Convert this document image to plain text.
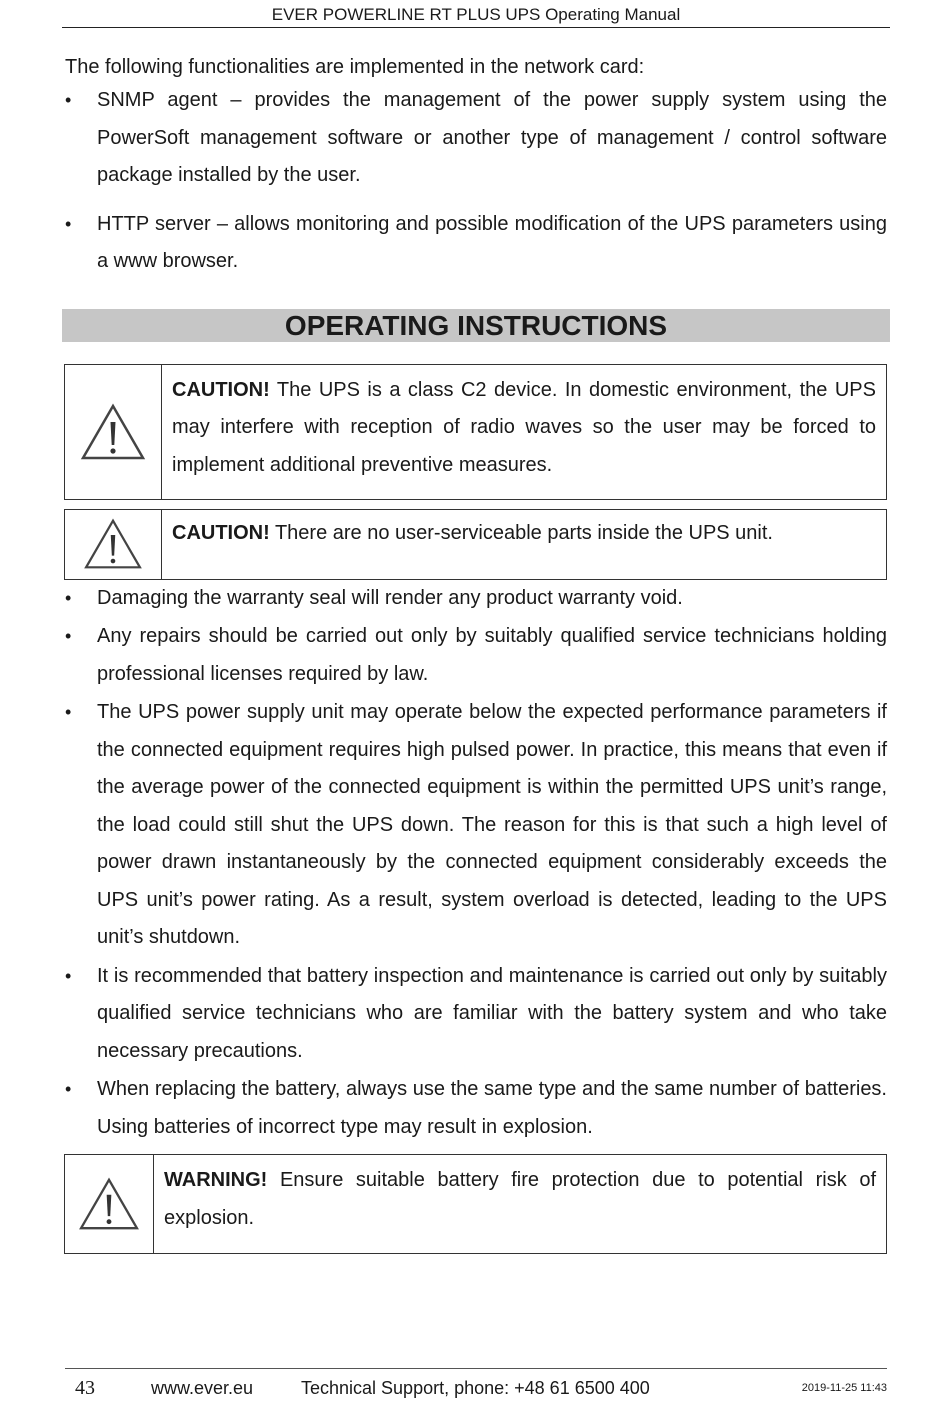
EVER POWERLINE RT PLUS UPS Operating Manual

The following functionalities are implemented in the network card:

• SNMP agent – provides the management of the power supply system using the PowerSoft management software or another type of management / control software package installed by the user.
• HTTP server – allows monitoring and possible modification of the UPS parameters using a www browser.
OPERATING INSTRUCTIONS
CAUTION! The UPS is a class C2 device. In domestic environment, the UPS may interfere with reception of radio waves so the user may be forced to implement additional preventive measures.
CAUTION! There are no user-serviceable parts inside the UPS unit.
• Damaging the warranty seal will render any product warranty void.
• Any repairs should be carried out only by suitably qualified service technicians holding professional licenses required by law.
• The UPS power supply unit may operate below the expected performance parameters if the connected equipment requires high pulsed power. In practice, this means that even if the average power of the connected equipment is within the permitted UPS unit’s range, the load could still shut the UPS down. The reason for this is that such a high level of power drawn instantaneously by the connected equipment considerably exceeds the UPS unit’s power rating. As a result, system overload is detected, leading to the UPS unit’s shutdown.
• It is recommended that battery inspection and maintenance is carried out only by suitably qualified service technicians who are familiar with the battery system and who take necessary precautions.
• When replacing the battery, always use the same type and the same number of batteries. Using batteries of incorrect type may result in explosion.
WARNING! Ensure suitable battery fire protection due to potential risk of explosion.
43	www.ever.eu	Technical Support, phone: +48 61 6500 400	2019-11-25 11:43
